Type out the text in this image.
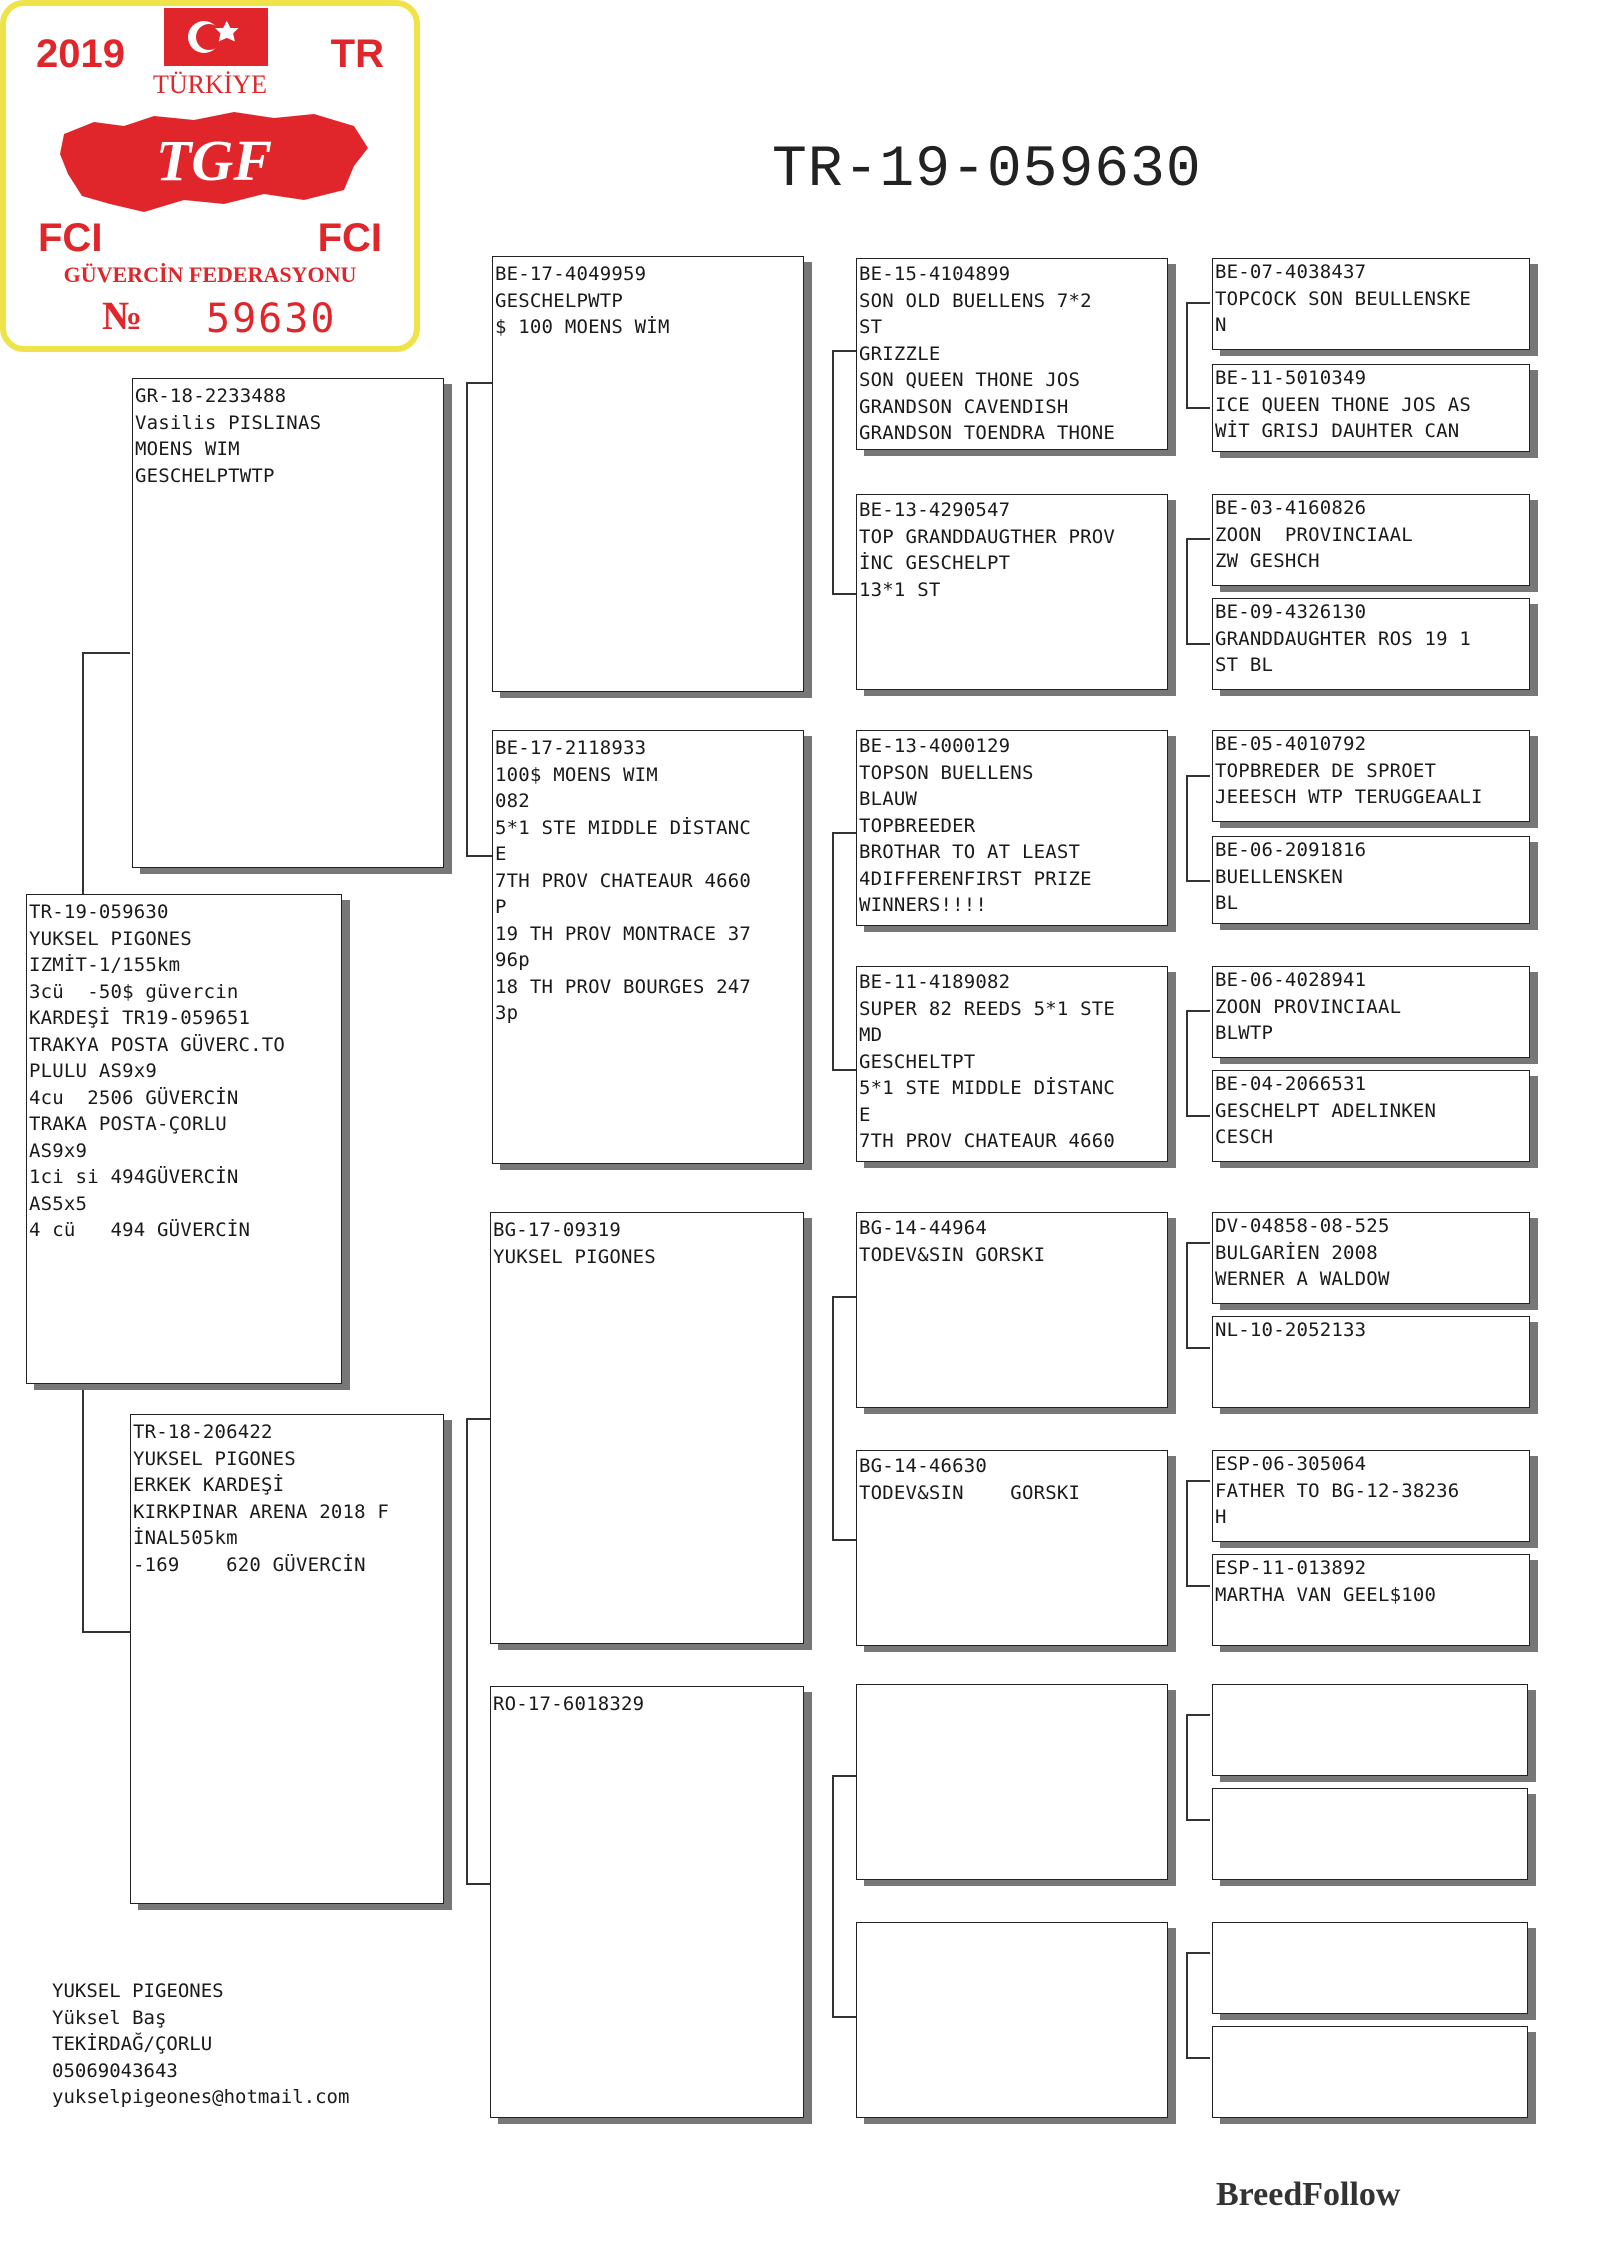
2019	TR
TÜRKİYE
TGF
FCI	FCI
GÜVERCİN FEDERASYONU
№ 59630
TR-19-059630
TR-19-059630
YUKSEL PIGONES
IZMİT-1/155km
3cü  -50$ güvercin
KARDEŞİ TR19-059651
TRAKYA POSTA GÜVERC.TO
PLULU AS9x9
4cu  2506 GÜVERCİN
TRAKA POSTA-ÇORLU
AS9x9
1ci si 494GÜVERCİN
AS5x5
4 cü   494 GÜVERCİN
GR-18-2233488
Vasilis PISLINAS
MOENS WIM
GESCHELPTWTP
TR-18-206422
YUKSEL PIGONES
ERKEK KARDEŞİ
KIRKPINAR ARENA 2018 F
İNAL505km
-169    620 GÜVERCİN
BE-17-4049959
GESCHELPWTP
$ 100 MOENS WİM
BE-17-2118933
100$ MOENS WIM
082
5*1 STE MIDDLE DİSTANC
E
7TH PROV CHATEAUR 4660
P
19 TH PROV MONTRACE 37
96p
18 TH PROV BOURGES 247
3p
BG-17-09319
YUKSEL PIGONES
RO-17-6018329
BE-15-4104899
SON OLD BUELLENS 7*2
ST
GRIZZLE
SON QUEEN THONE JOS
GRANDSON CAVENDISH
GRANDSON TOENDRA THONE
BE-13-4290547
TOP GRANDDAUGTHER PROV
İNC GESCHELPT
13*1 ST
BE-13-4000129
TOPSON BUELLENS
BLAUW
TOPBREEDER
BROTHAR TO AT LEAST
4DIFFERENFIRST PRIZE
WINNERS!!!!
BE-11-4189082
SUPER 82 REEDS 5*1 STE
MD
GESCHELTPT
5*1 STE MIDDLE DİSTANC
E
7TH PROV CHATEAUR 4660
BG-14-44964
TODEV&SIN GORSKI
BG-14-46630
TODEV&SIN    GORSKI
BE-07-4038437
TOPCOCK SON BEULLENSKE
N
BE-11-5010349
ICE QUEEN THONE JOS AS
WİT GRISJ DAUHTER CAN
BE-03-4160826
ZOON  PROVINCIAAL
ZW GESHCH
BE-09-4326130
GRANDDAUGHTER ROS 19 1
ST BL
BE-05-4010792
TOPBREDER DE SPROET
JEEESCH WTP TERUGGEAALI
BE-06-2091816
BUELLENSKEN
BL
BE-06-4028941
ZOON PROVINCIAAL
BLWTP
BE-04-2066531
GESCHELPT ADELINKEN
CESCH
DV-04858-08-525
BULGARİEN 2008
WERNER A WALDOW
NL-10-2052133
ESP-06-305064
FATHER TO BG-12-38236
H
ESP-11-013892
MARTHA VAN GEEL$100
YUKSEL PIGEONES
Yüksel Baş
TEKİRDAĞ/ÇORLU
05069043643
yukselpigeones@hotmail.com
BreedFollow
